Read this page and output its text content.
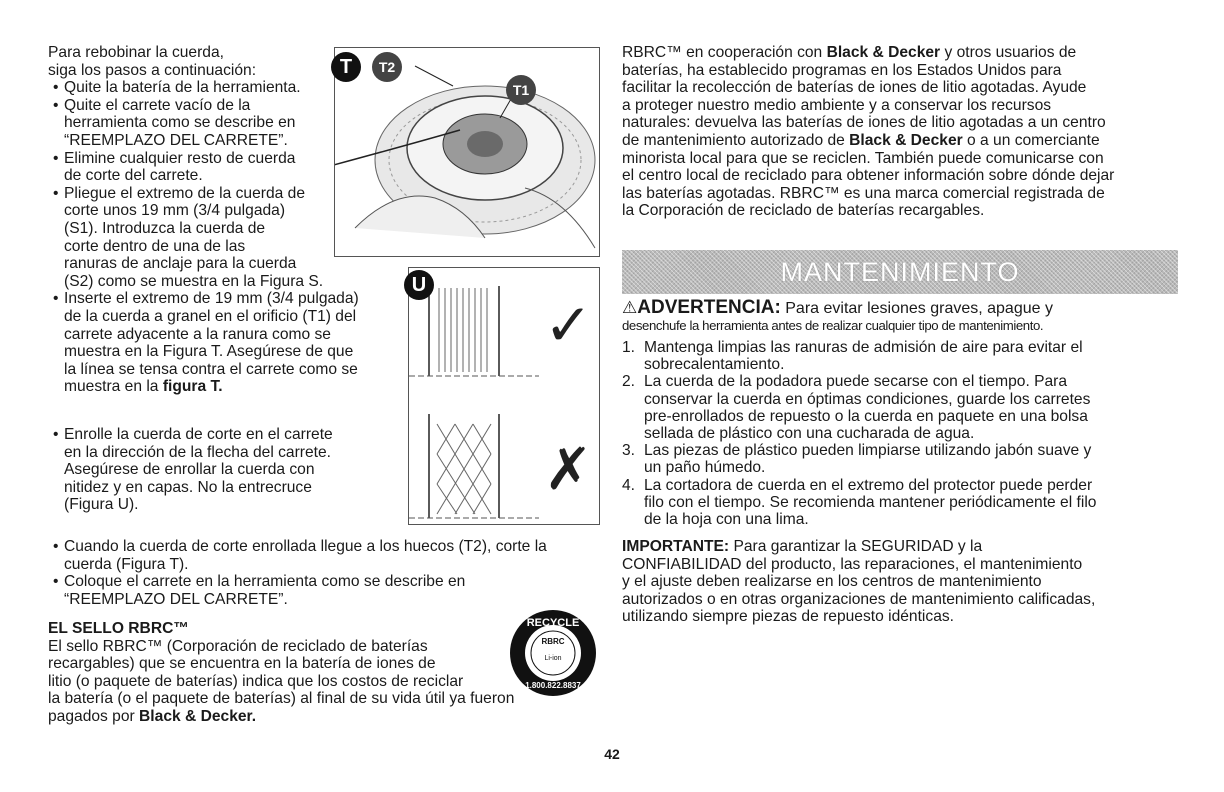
Para rebobinar la cuerda,
siga los pasos a continuación:
• Quite la batería de la herramienta.
• Quite el carrete vacío de la
herramienta como se describe en
“REEMPLAZO DEL CARRETE”.
• Elimine cualquier resto de cuerda
de corte del carrete.
• Pliegue el extremo de la cuerda de
corte unos 19 mm (3/4 pulgada)
(S1). Introduzca la cuerda de
corte dentro de una de las
ranuras de anclaje para la cuerda
(S2) como se muestra en la Figura S.
• Inserte el extremo de 19 mm (3/4 pulgada)
de la cuerda a granel en el orificio (T1) del
carrete adyacente a la ranura como se
muestra en la Figura T. Asegúrese de que
la línea se tensa contra el carrete como se
muestra en la figura T.
• Enrolle la cuerda de corte en el carrete
en la dirección de la flecha del carrete.
Asegúrese de enrollar la cuerda con
nitidez y en capas. No la entrecruce
(Figura U).
• Cuando la cuerda de corte enrollada llegue a los huecos (T2), corte la
cuerda (Figura T).
• Coloque el carrete en la herramienta como se describe en
“REEMPLAZO DEL CARRETE”.
EL SELLO RBRC™
El sello RBRC™ (Corporación de reciclado de baterías
recargables) que se encuentra en la batería de iones de
litio (o paquete de baterías) indica que los costos de reciclar
la batería (o el paquete de baterías) al final de su vida útil ya fueron
pagados por Black & Decker.
T	T2
T1
U
✓
✗
RECYCLE
RBRC
Li-ion
1.800.822.8837
RBRC™ en cooperación con Black & Decker y otros usuarios de
baterías, ha establecido programas en los Estados Unidos para
facilitar la recolección de baterías de iones de litio agotadas. Ayude
a proteger nuestro medio ambiente y a conservar los recursos
naturales: devuelva las baterías de iones de litio agotadas a un centro
de mantenimiento autorizado de Black & Decker o a un comerciante
minorista local para que se reciclen. También puede comunicarse con
el centro local de reciclado para obtener información sobre dónde dejar
las baterías agotadas. RBRC™ es una marca comercial registrada de
la Corporación de reciclado de baterías recargables.
MANTENIMIENTO
⚠ADVERTENCIA: Para evitar lesiones graves, apague y
desenchufe la herramienta antes de realizar cualquier tipo de mantenimiento.
1. Mantenga limpias las ranuras de admisión de aire para evitar el
sobrecalentamiento.
2. La cuerda de la podadora puede secarse con el tiempo. Para
conservar la cuerda en óptimas condiciones, guarde los carretes
pre-enrollados de repuesto o la cuerda en paquete en una bolsa
sellada de plástico con una cucharada de agua.
3. Las piezas de plástico pueden limpiarse utilizando jabón suave y
un paño húmedo.
4. La cortadora de cuerda en el extremo del protector puede perder
filo con el tiempo. Se recomienda mantener periódicamente el filo
de la hoja con una lima.
IMPORTANTE: Para garantizar la SEGURIDAD y la
CONFIABILIDAD del producto, las reparaciones, el mantenimiento
y el ajuste deben realizarse en los centros de mantenimiento
autorizados o en otras organizaciones de mantenimiento calificadas,
utilizando siempre piezas de repuesto idénticas.
42
